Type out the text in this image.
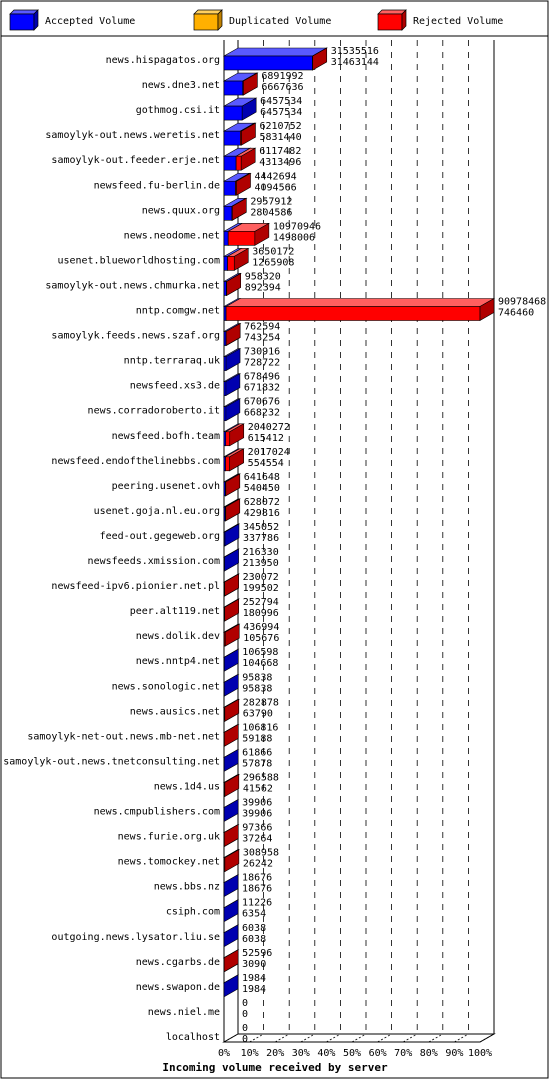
Accepted Volume	Duplicated Volume	Rejected Volume
0% 10% 20% 30% 40% 50% 60% 70% 80% 90% 100%
Incoming volume received by server
news.hispagatos.org
31535516
31463144
news.dne3.net
6891992
6667636
gothmog.csi.it
6457534
6457534
samoylyk-out.news.weretis.net
6210752
5831440
samoylyk-out.feeder.erje.net
6117482
4313496
newsfeed.fu-berlin.de
4442694
4094566
news.quux.org
2957912
2804586
news.neodome.net
10970946
1498006
usenet.blueworldhosting.com
3650172
1265908
samoylyk-out.news.chmurka.net
958320
892394
nntp.comgw.net
90978468
746460
samoylyk.feeds.news.szaf.org
762594
743254
nntp.terraraq.uk
730916
728722
newsfeed.xs3.de
678496
671832
news.corradoroberto.it
670676
668232
newsfeed.bofh.team
2040272
615412
newsfeed.endofthelinebbs.com
2017024
554554
peering.usenet.ovh
641648
540450
usenet.goja.nl.eu.org
628072
429816
feed-out.gegeweb.org
345052
337786
newsfeeds.xmission.com
216330
213950
newsfeed-ipv6.pionier.net.pl
230072
199502
peer.alt119.net
252794
180996
news.dolik.dev
436994
105676
news.nntp4.net
106598
104668
news.sonologic.net
95838
95838
news.ausics.net
282878
63790
samoylyk-net-out.news.mb-net.net
106816
59188
samoylyk-out.news.tnetconsulting.net
61866
57878
news.1d4.us
296588
41562
news.cmpublishers.com
39906
39906
news.furie.org.uk
97366
37264
news.tomockey.net
308958
26242
news.bbs.nz
18676
18676
csiph.com
11226
6354
outgoing.news.lysator.liu.se
6038
6038
news.cgarbs.de
52596
3090
news.swapon.de
1984
1984
news.niel.me
0
0
localhost
0
0
